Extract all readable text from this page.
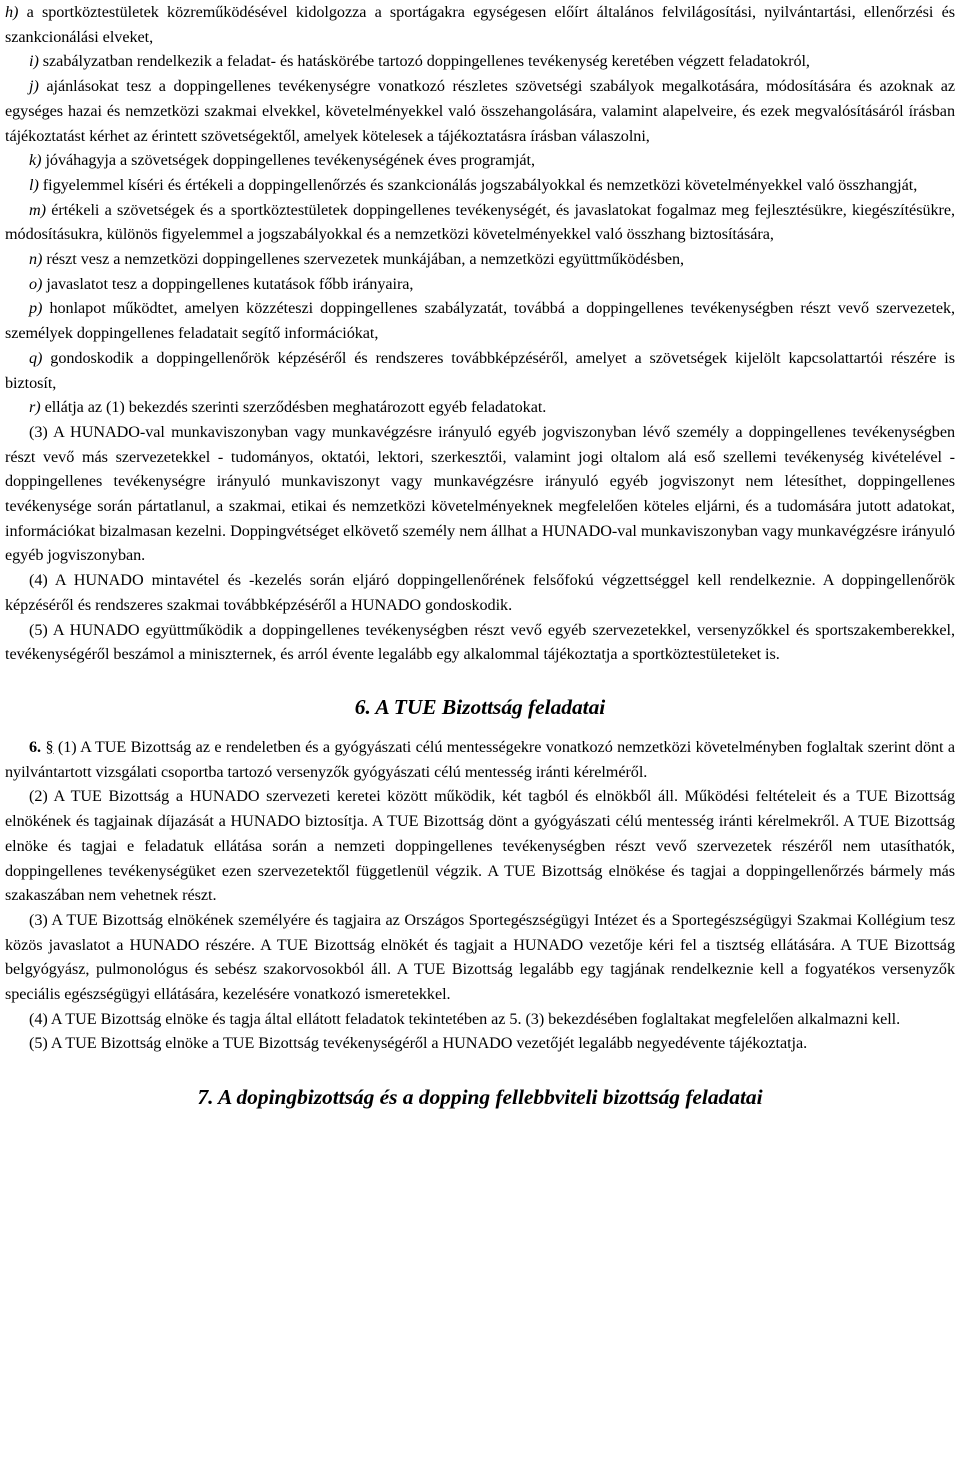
h) a sportköztestületek közreműködésével kidolgozza a sportágakra egységesen előírt általános felvilágosítási, nyilvántartási, ellenőrzési és szankcionálási elveket,

i) szabályzatban rendelkezik a feladat- és hatáskörébe tartozó doppingellenes tevékenység keretében végzett feladatokról,

j) ajánlásokat tesz a doppingellenes tevékenységre vonatkozó részletes szövetségi szabályok megalkotására, módosítására és azoknak az egységes hazai és nemzetközi szakmai elvekkel, követelményekkel való összehangolására, valamint alapelveire, és ezek megvalósításáról írásban tájékoztatást kérhet az érintett szövetségektől, amelyek kötelesek a tájékoztatásra írásban válaszolni,

k) jóváhagyja a szövetségek doppingellenes tevékenységének éves programját,

l) figyelemmel kíséri és értékeli a doppingellenőrzés és szankcionálás jogszabályokkal és nemzetközi követelményekkel való összhangját,

m) értékeli a szövetségek és a sportköztestületek doppingellenes tevékenységét, és javaslatokat fogalmaz meg fejlesztésükre, kiegészítésükre, módosításukra, különös figyelemmel a jogszabályokkal és a nemzetközi követelményekkel való összhang biztosítására,

n) részt vesz a nemzetközi doppingellenes szervezetek munkájában, a nemzetközi együttműködésben,

o) javaslatot tesz a doppingellenes kutatások főbb irányaira,

p) honlapot működtet, amelyen közzéteszi doppingellenes szabályzatát, továbbá a doppingellenes tevékenységben részt vevő szervezetek, személyek doppingellenes feladatait segítő információkat,

q) gondoskodik a doppingellenőrök képzéséről és rendszeres továbbképzéséről, amelyet a szövetségek kijelölt kapcsolattartói részére is biztosít,

r) ellátja az (1) bekezdés szerinti szerződésben meghatározott egyéb feladatokat.

(3) A HUNADO-val munkaviszonyban vagy munkavégzésre irányuló egyéb jogviszonyban lévő személy a doppingellenes tevékenységben részt vevő más szervezetekkel - tudományos, oktatói, lektori, szerkesztői, valamint jogi oltalom alá eső szellemi tevékenység kivételével - doppingellenes tevékenységre irányuló munkaviszonyt vagy munkavégzésre irányuló egyéb jogviszonyt nem létesíthet, doppingellenes tevékenysége során pártatlanul, a szakmai, etikai és nemzetközi követelményeknek megfelelően köteles eljárni, és a tudomására jutott adatokat, információkat bizalmasan kezelni. Doppingvétséget elkövető személy nem állhat a HUNADO-val munkaviszonyban vagy munkavégzésre irányuló egyéb jogviszonyban.

(4) A HUNADO mintavétel és -kezelés során eljáró doppingellenőrének felsőfokú végzettséggel kell rendelkeznie. A doppingellenőrök képzéséről és rendszeres szakmai továbbképzéséről a HUNADO gondoskodik.

(5) A HUNADO együttműködik a doppingellenes tevékenységben részt vevő egyéb szervezetekkel, versenyzőkkel és sportszakemberekkel, tevékenységéről beszámol a miniszternek, és arról évente legalább egy alkalommal tájékoztatja a sportköztestületeket is.

6. A TUE Bizottság feladatai

6. § (1) A TUE Bizottság az e rendeletben és a gyógyászati célú mentességekre vonatkozó nemzetközi követelményben foglaltak szerint dönt a nyilvántartott vizsgálati csoportba tartozó versenyzők gyógyászati célú mentesség iránti kérelméről.

(2) A TUE Bizottság a HUNADO szervezeti keretei között működik, két tagból és elnökből áll. Működési feltételeit és a TUE Bizottság elnökének és tagjainak díjazását a HUNADO biztosítja. A TUE Bizottság dönt a gyógyászati célú mentesség iránti kérelmekről. A TUE Bizottság elnöke és tagjai e feladatuk ellátása során a nemzeti doppingellenes tevékenységben részt vevő szervezetek részéről nem utasíthatók, doppingellenes tevékenységüket ezen szervezetektől függetlenül végzik. A TUE Bizottság elnökése és tagjai a doppingellenőrzés bármely más szakaszában nem vehetnek részt.

(3) A TUE Bizottság elnökének személyére és tagjaira az Országos Sportegészségügyi Intézet és a Sportegészségügyi Szakmai Kollégium tesz közös javaslatot a HUNADO részére. A TUE Bizottság elnökét és tagjait a HUNADO vezetője kéri fel a tisztség ellátására. A TUE Bizottság belgyógyász, pulmonológus és sebész szakorvosokból áll. A TUE Bizottság legalább egy tagjának rendelkeznie kell a fogyatékos versenyzők speciális egészségügyi ellátására, kezelésére vonatkozó ismeretekkel.

(4) A TUE Bizottság elnöke és tagja által ellátott feladatok tekintetében az 5. (3) bekezdésében foglaltakat megfelelően alkalmazni kell.

(5) A TUE Bizottság elnöke a TUE Bizottság tevékenységéről a HUNADO vezetőjét legalább negyedévente tájékoztatja.

7. A dopingbizottság és a dopping fellebbviteli bizottság feladatai
